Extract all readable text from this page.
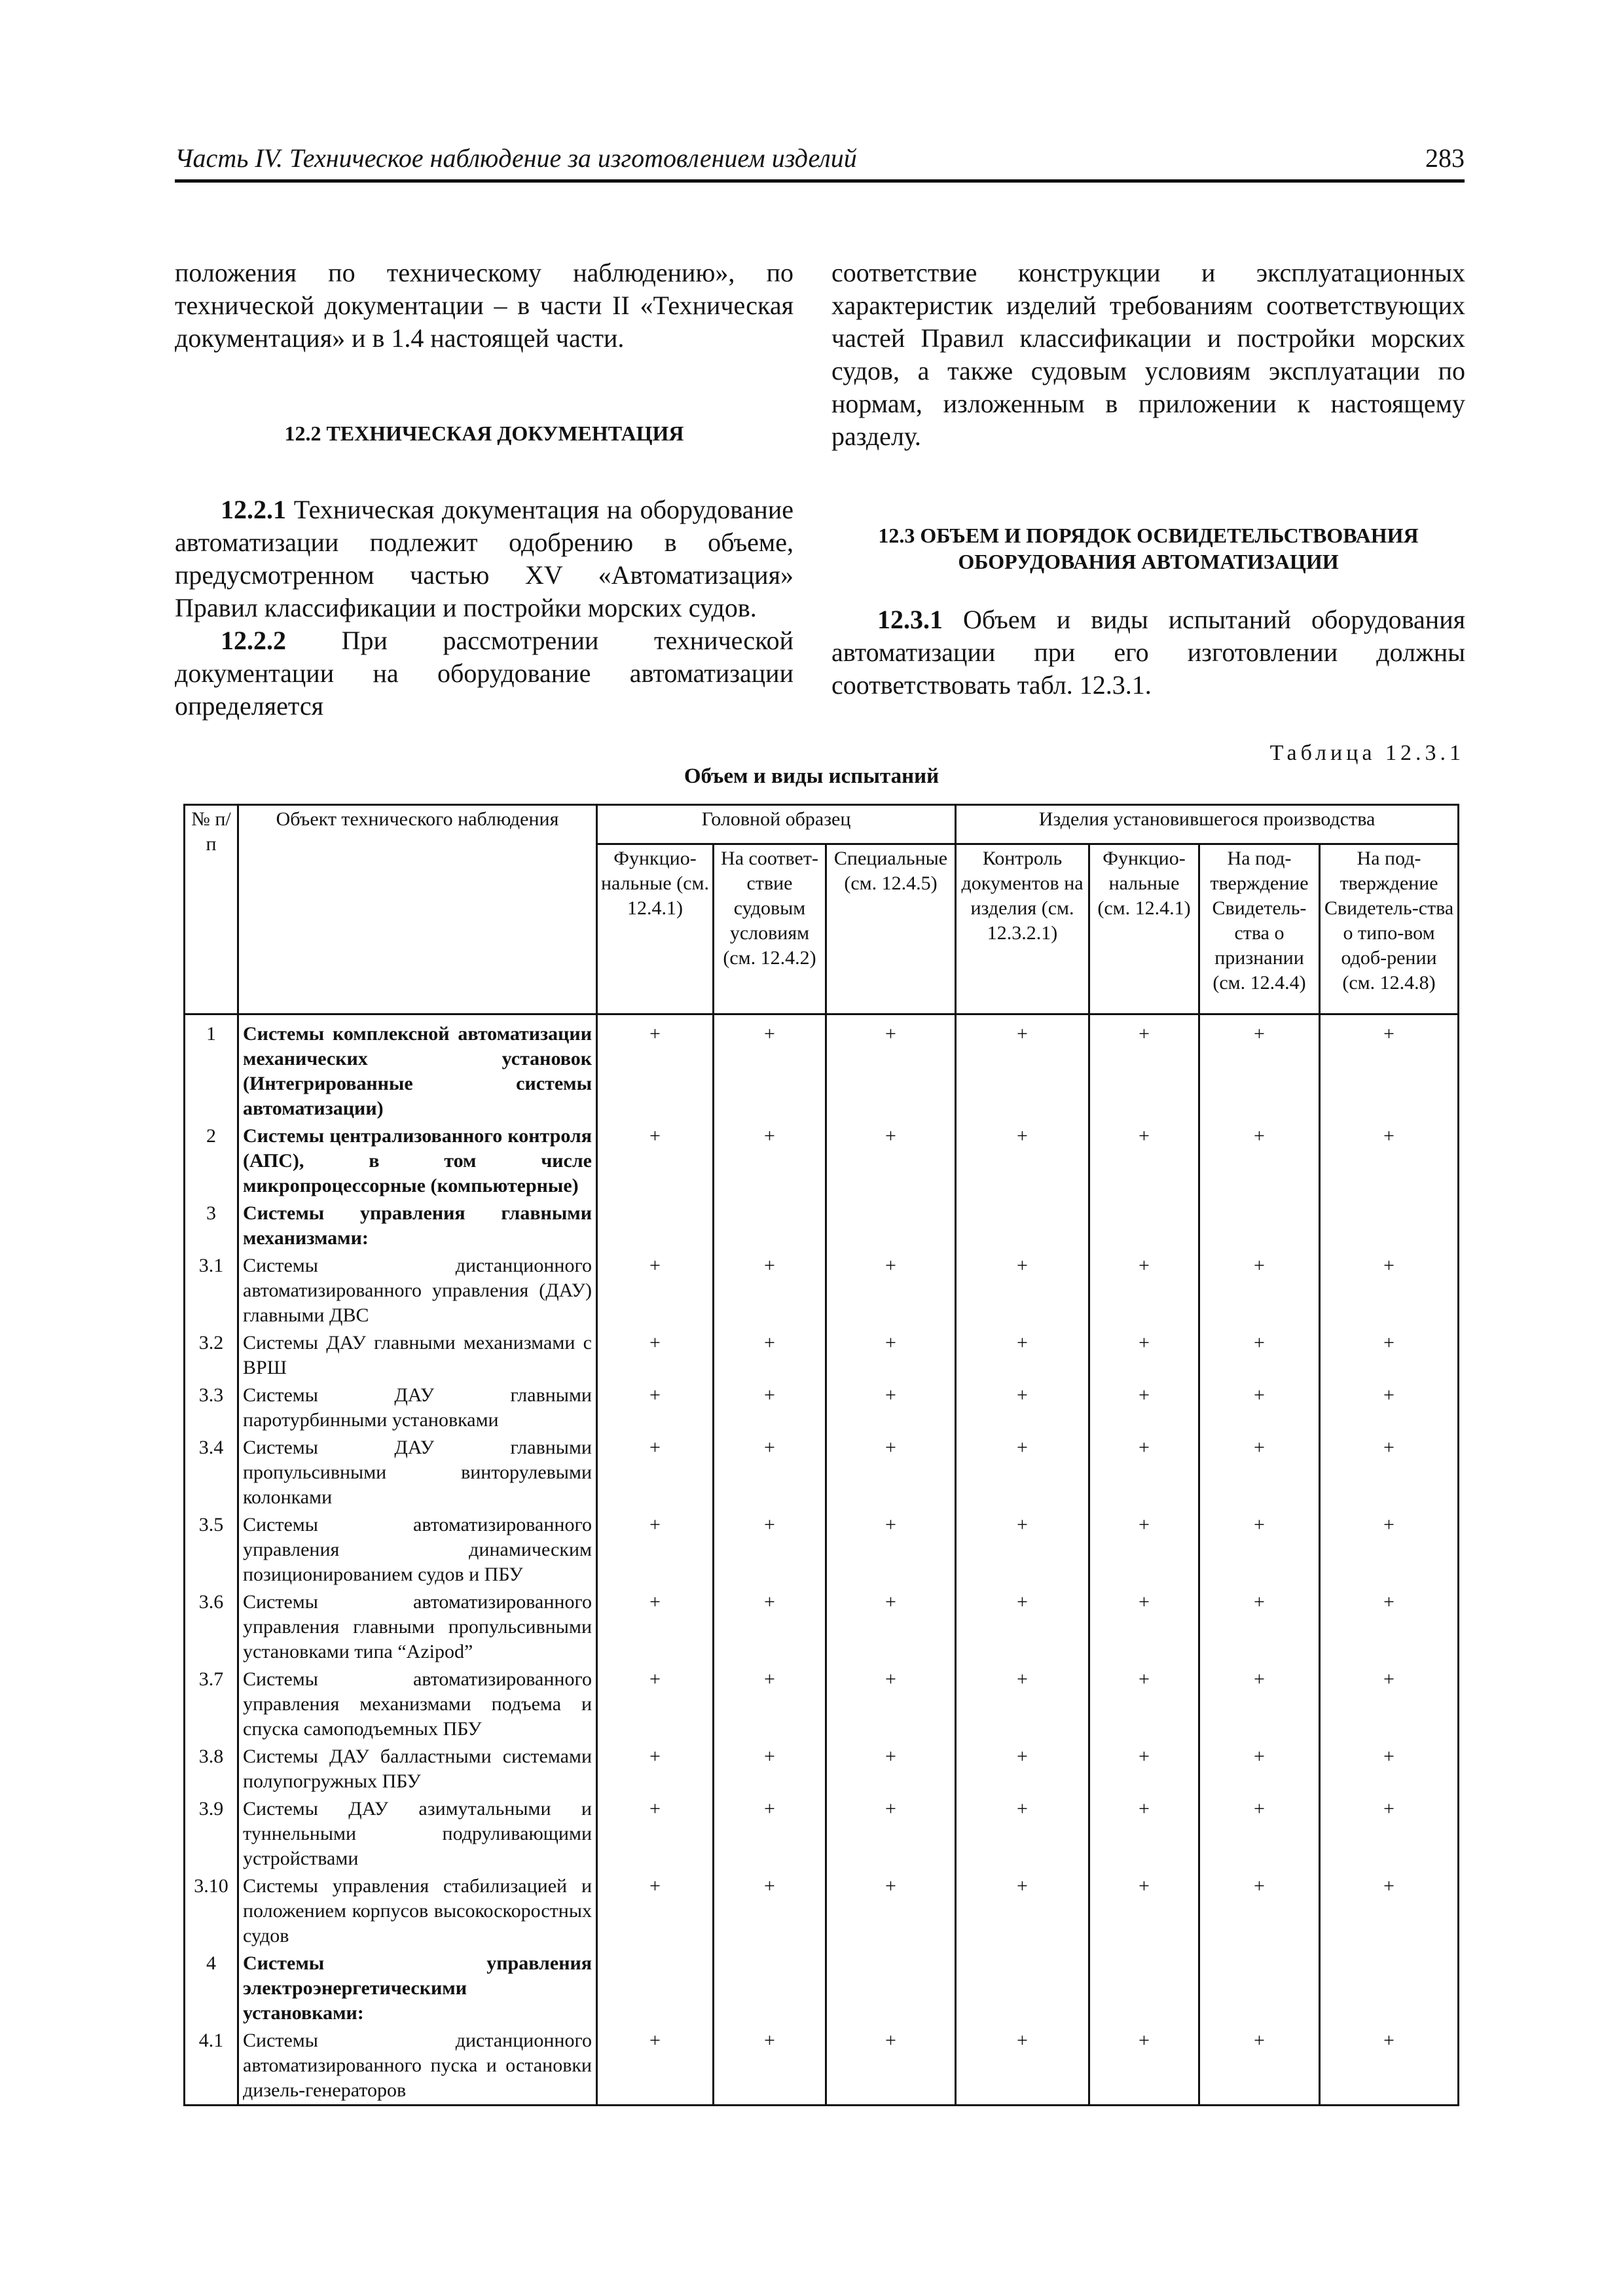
Часть IV. Техническое наблюдение за изготовлением изделий	283

положения по техническому наблюдению», по технической документации – в части II «Техническая документация» и в 1.4 настоящей части.

12.2 ТЕХНИЧЕСКАЯ ДОКУМЕНТАЦИЯ

12.2.1 Техническая документация на оборудование автоматизации подлежит одобрению в объеме, предусмотренном частью XV «Автоматизация» Правил классификации и постройки морских судов.

12.2.2 При рассмотрении технической документации на оборудование автоматизации определяется

соответствие конструкции и эксплуатационных характеристик изделий требованиям соответствующих частей Правил классификации и постройки морских судов, а также судовым условиям эксплуатации по нормам, изложенным в приложении к настоящему разделу.

12.3 ОБЪЕМ И ПОРЯДОК ОСВИДЕТЕЛЬСТВОВАНИЯ ОБОРУДОВАНИЯ АВТОМАТИЗАЦИИ

12.3.1 Объем и виды испытаний оборудования автоматизации при его изготовлении должны соответствовать табл. 12.3.1.

Таблица 12.3.1
Объем и виды испытаний
№ п/п	Объект технического наблюдения	Головной образец			Изделия установившегося производства			
		Функцио-нальные (см. 12.4.1)	На соответ-ствие судовым условиям (см. 12.4.2)	Специальные (см. 12.4.5)	Контроль документов на изделия (см. 12.3.2.1)	Функцио-нальные (см. 12.4.1)	На под-тверждение Свидетель-ства о признании (см. 12.4.4)	На под-тверждение Свидетель-ства о типо-вом одоб-рении (см. 12.4.8)
1	Системы комплексной автоматизации механических установок (Интегрированные системы автоматизации)	+	+	+	+	+	+	+
2	Системы централизованного контроля (АПС), в том числе микропроцессорные (компьютерные)	+	+	+	+	+	+	+
3	Системы управления главными механизмами:							
3.1	Системы дистанционного автоматизированного управления (ДАУ) главными ДВС	+	+	+	+	+	+	+
3.2	Системы ДАУ главными механизмами с ВРШ	+	+	+	+	+	+	+
3.3	Системы ДАУ главными паротурбинными установками	+	+	+	+	+	+	+
3.4	Системы ДАУ главными пропульсивными винторулевыми колонками	+	+	+	+	+	+	+
3.5	Системы автоматизированного управления динамическим позиционированием судов и ПБУ	+	+	+	+	+	+	+
3.6	Системы автоматизированного управления главными пропульсивными установками типа “Azipod”	+	+	+	+	+	+	+
3.7	Системы автоматизированного управления механизмами подъема и спуска самоподъемных ПБУ	+	+	+	+	+	+	+
3.8	Системы ДАУ балластными системами полупогружных ПБУ	+	+	+	+	+	+	+
3.9	Системы ДАУ азимутальными и туннельными подруливающими устройствами	+	+	+	+	+	+	+
3.10	Системы управления стабилизацией и положением корпусов высокоскоростных судов	+	+	+	+	+	+	+
4	Системы управления электроэнергетическими установками:							
4.1	Системы дистанционного автоматизированного пуска и остановки дизель-генераторов	+	+	+	+	+	+	+
